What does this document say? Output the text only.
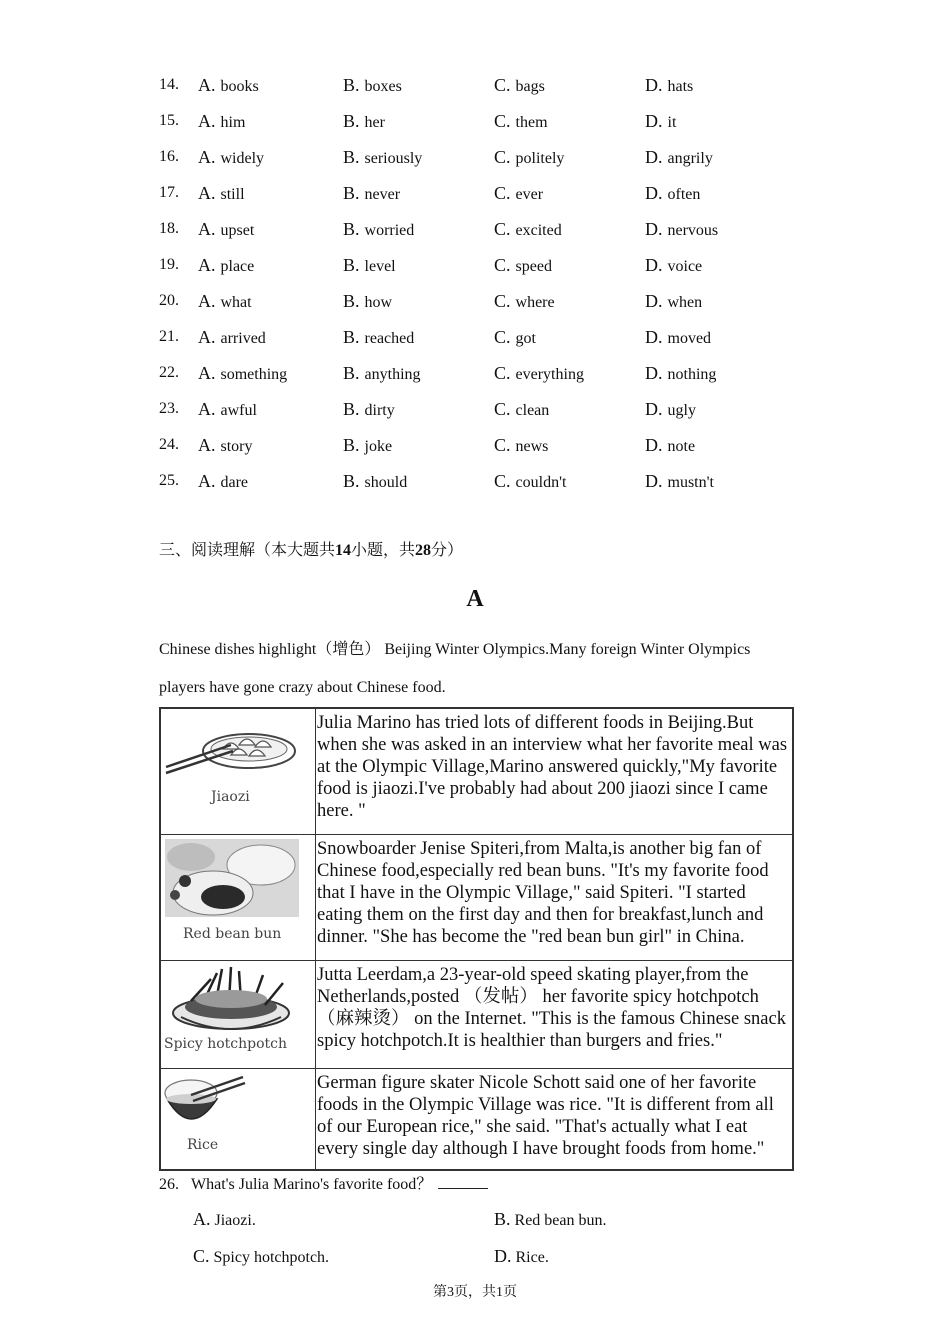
14. A. books	B. boxes	C. bags	D. hats
15. A. him	B. her	C. them	D. it
16. A. widely	B. seriously	C. politely	D. angrily
17. A. still	B. never	C. ever	D. often
18. A. upset	B. worried	C. excited	D. nervous
19. A. place	B. level	C. speed	D. voice
20. A. what	B. how	C. where	D. when
21. A. arrived	B. reached	C. got	D. moved
22. A. something	B. anything	C. everything	D. nothing
23. A. awful	B. dirty	C. clean	D. ugly
24. A. story	B. joke	C. news	D. note
25. A. dare	B. should	C. couldn't	D. mustn't
三、阅读理解（本大题共14小题，共28分）
A
Chinese dishes highlight（增色） Beijing Winter Olympics.Many foreign Winter Olympics players have gone crazy about Chinese food.
Jiaozi	Julia Marino has tried lots of different foods in Beijing.But when she was asked in an interview what her favorite meal was at the Olympic Village,Marino answered quickly,"My favorite food is jiaozi.I've probably had about 200 jiaozi since I came here. "

Red bean bun	Snowboarder Jenise Spiteri,from Malta,is another big fan of Chinese food,especially red bean buns. "It's my favorite food that I have in the Olympic Village," said Spiteri. "I started eating them on the first day and then for breakfast,lunch and dinner. "She has become the "red bean bun girl" in China.

Spicy hotchpotch	Jutta Leerdam,a 23-year-old speed skating player,from the Netherlands,posted （发帖） her favorite spicy hotchpotch （麻辣烫） on the Internet. "This is the famous Chinese snack spicy hotchpotch.It is healthier than burgers and fries."

Rice	German figure skater Nicole Schott said one of her favorite foods in the Olympic Village was rice. "It is different from all of our European rice," she said. "That's actually what I eat every single day although I have brought foods from home."
26. What's Julia Marino's favorite food？
A. Jiaozi.	B. Red bean bun.
C. Spicy hotchpotch.	D. Rice.
第3页，共1页
